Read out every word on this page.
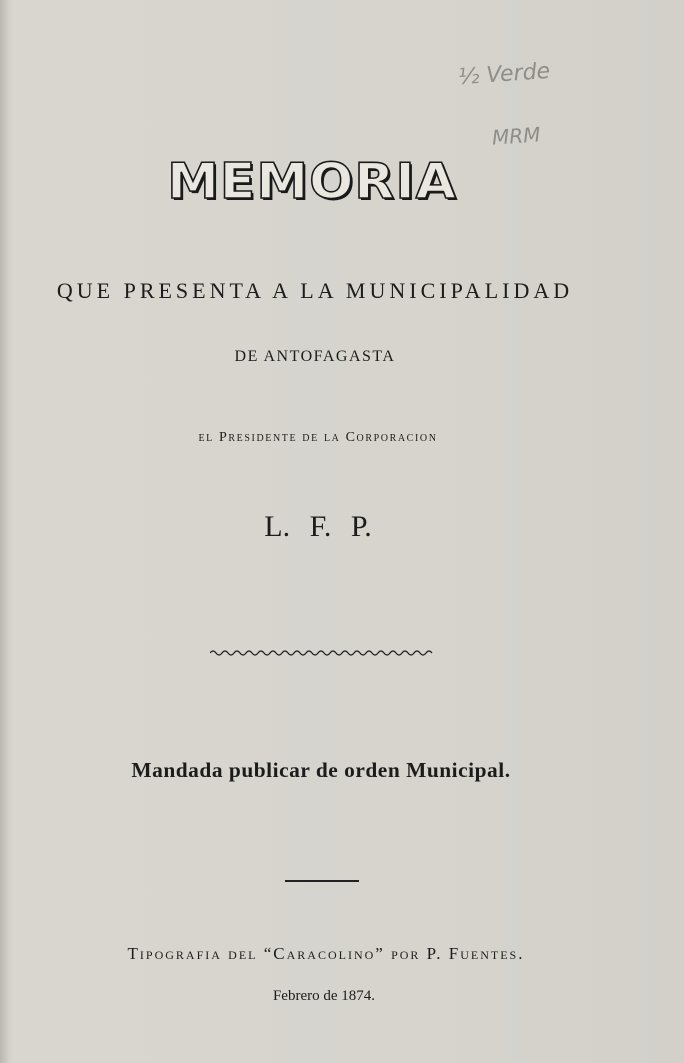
½ Verde
MRM
MEMORIA
QUE PRESENTA A LA MUNICIPALIDAD
DE ANTOFAGASTA
el Presidente de la Corporacion
L. F. P.
Mandada publicar de orden Municipal.
Tipografia del “Caracolino” por P. Fuentes.
Febrero de 1874.
